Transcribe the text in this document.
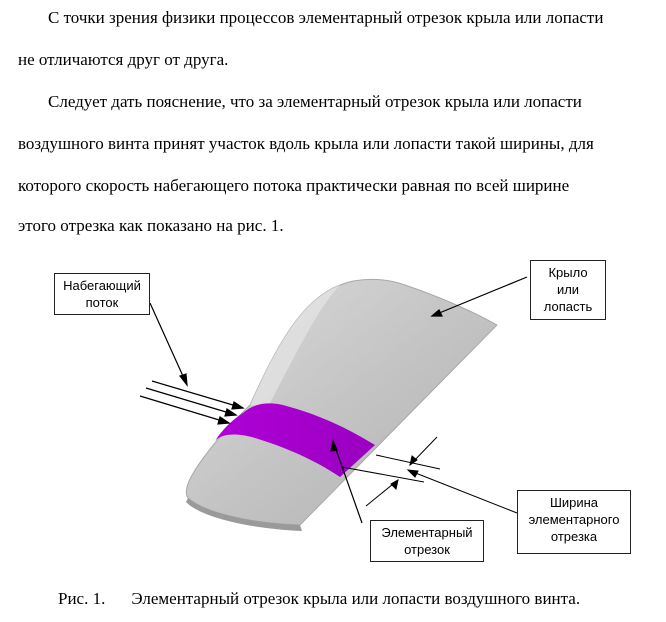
С точки зрения физики процессов элементарный отрезок крыла или лопасти
не отличаются друг от друга.
Следует дать пояснение, что за элементарный отрезок крыла или лопасти
воздушного винта принят участок вдоль крыла или лопасти такой ширины, для
которого скорость набегающего потока практически равная по всей ширине
этого отрезка как показано на рис. 1.
Набегающий
поток
Крыло
или
лопасть
Элементарный
отрезок
Ширина
элементарного
отрезка
Рис. 1. Элементарный отрезок крыла или лопасти воздушного винта.
